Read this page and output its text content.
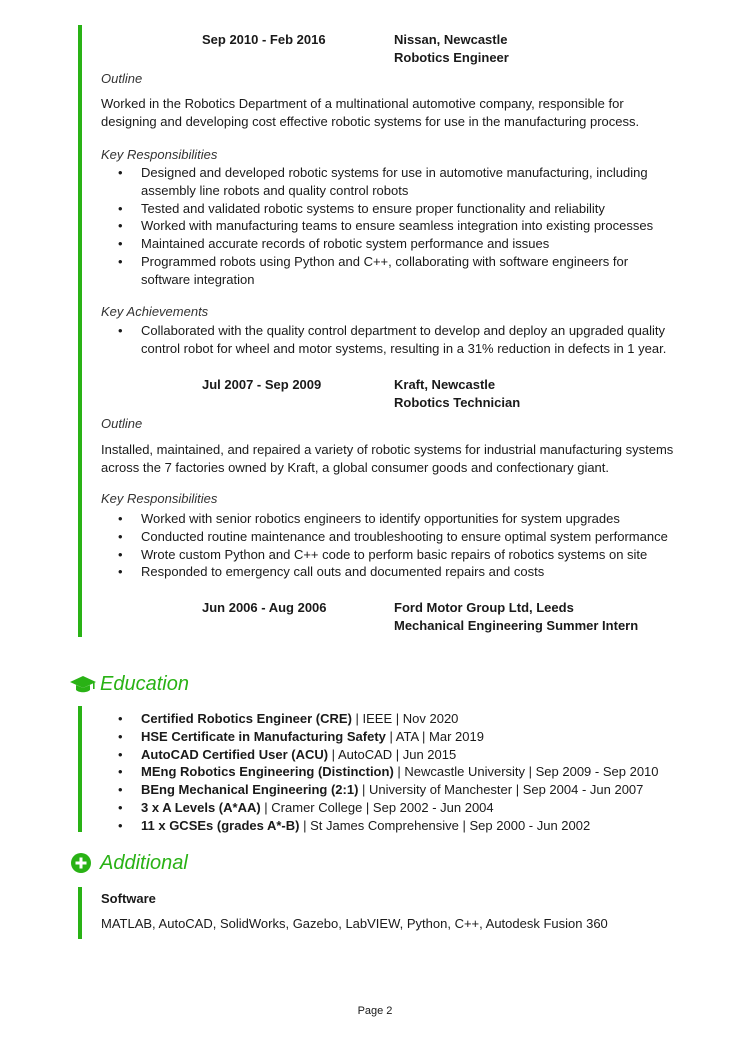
Sep 2010 - Feb 2016	Nissan, Newcastle
Robotics Engineer
Outline
Worked in the Robotics Department of a multinational automotive company, responsible for designing and developing cost effective robotic systems for use in the manufacturing process.
Key Responsibilities
• Designed and developed robotic systems for use in automotive manufacturing, including assembly line robots and quality control robots
• Tested and validated robotic systems to ensure proper functionality and reliability
• Worked with manufacturing teams to ensure seamless integration into existing processes
• Maintained accurate records of robotic system performance and issues
• Programmed robots using Python and C++, collaborating with software engineers for software integration
Key Achievements
• Collaborated with the quality control department to develop and deploy an upgraded quality control robot for wheel and motor systems, resulting in a 31% reduction in defects in 1 year.
Jul 2007 - Sep 2009	Kraft, Newcastle
Robotics Technician
Outline
Installed, maintained, and repaired a variety of robotic systems for industrial manufacturing systems across the 7 factories owned by Kraft, a global consumer goods and confectionary giant.
Key Responsibilities
• Worked with senior robotics engineers to identify opportunities for system upgrades
• Conducted routine maintenance and troubleshooting to ensure optimal system performance
• Wrote custom Python and C++ code to perform basic repairs of robotics systems on site
• Responded to emergency call outs and documented repairs and costs
Jun 2006 - Aug 2006	Ford Motor Group Ltd, Leeds
Mechanical Engineering Summer Intern
Education
• Certified Robotics Engineer (CRE) | IEEE | Nov 2020
• HSE Certificate in Manufacturing Safety | ATA | Mar 2019
• AutoCAD Certified User (ACU) | AutoCAD | Jun 2015
• MEng Robotics Engineering (Distinction) | Newcastle University | Sep 2009 - Sep 2010
• BEng Mechanical Engineering (2:1) | University of Manchester | Sep 2004 - Jun 2007
• 3 x A Levels (A*AA) | Cramer College | Sep 2002 - Jun 2004
• 11 x GCSEs (grades A*-B) | St James Comprehensive | Sep 2000 - Jun 2002
Additional
Software
MATLAB, AutoCAD, SolidWorks, Gazebo, LabVIEW, Python, C++, Autodesk Fusion 360
Page 2
